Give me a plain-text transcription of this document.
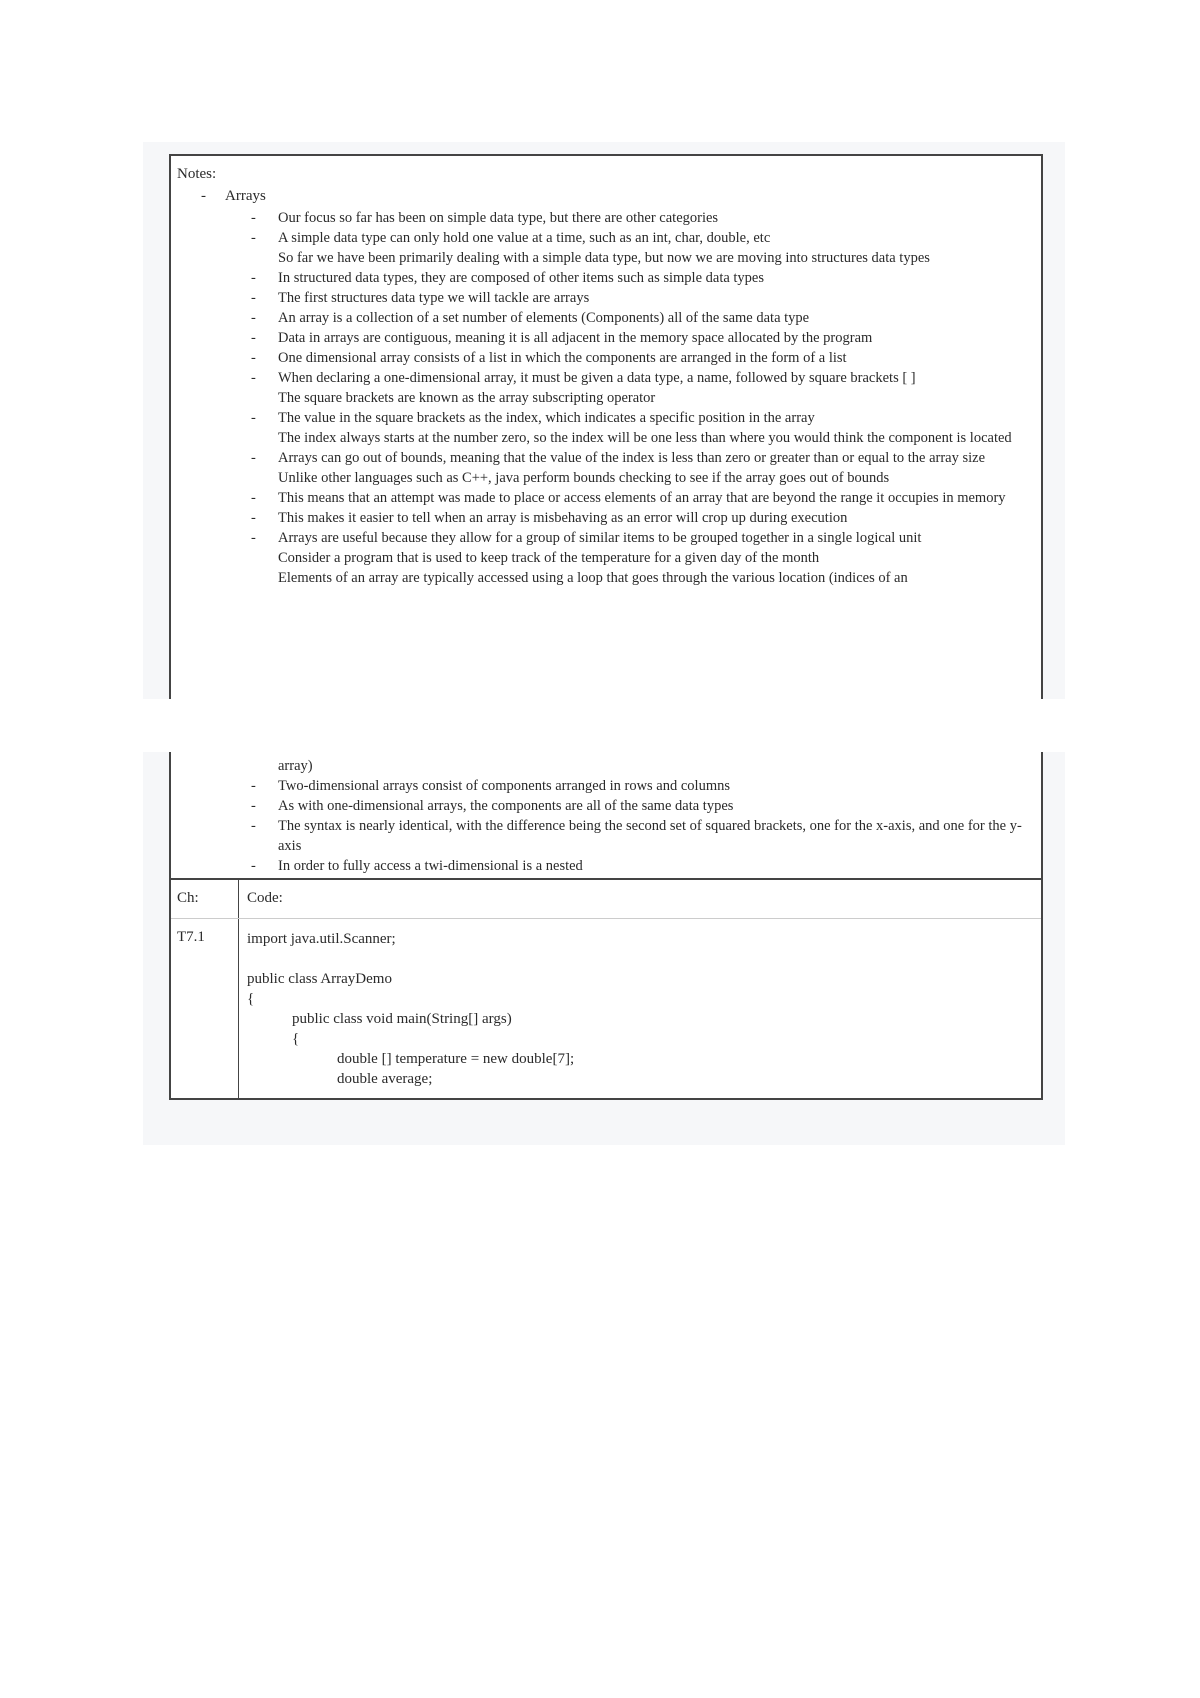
Notes:
- Arrays
-	Our focus so far has been on simple data type, but there are other categories
-	A simple data type can only hold one value at a time, such as an int, char, double, etc
So far we have been primarily dealing with a simple data type, but now we are moving into structures data types
-	In structured data types, they are composed of other items such as simple data types
-	The first structures data type we will tackle are arrays
-	An array is a collection of a set number of elements (Components) all of the same data type
-	Data in arrays are contiguous, meaning it is all adjacent in the memory space allocated by the program
-	One dimensional array consists of a list in which the components are arranged in the form of a list
-	When declaring a one-dimensional array, it must be given a data type, a name, followed by square brackets [ ]
The square brackets are known as the array subscripting operator
-	The value in the square brackets as the index, which indicates a specific position in the array
The index always starts at the number zero, so the index will be one less than where you would think the component is located
-	Arrays can go out of bounds, meaning that the value of the index is less than zero or greater than or equal to the array size
Unlike other languages such as C++, java perform bounds checking to see if the array goes out of bounds
-	This means that an attempt was made to place or access elements of an array that are beyond the range it occupies in memory
-	This makes it easier to tell when an array is misbehaving as an error will crop up during execution
-	Arrays are useful because they allow for a group of similar items to be grouped together in a single logical unit
Consider a program that is used to keep track of the temperature for a given day of the month
Elements of an array are typically accessed using a loop that goes through the various location (indices of an
array)
-	Two-dimensional arrays consist of components arranged in rows and columns
-	As with one-dimensional arrays, the components are all of the same data types
-	The syntax is nearly identical, with the difference being the second set of squared brackets, one for the x-axis, and one for the y-axis
-	In order to fully access a twi-dimensional is a nested
Ch:	Code:
T7.1	import java.util.Scanner;
public class ArrayDemo
{
public class void main(String[] args)
{
double [] temperature = new double[7];
double average;
